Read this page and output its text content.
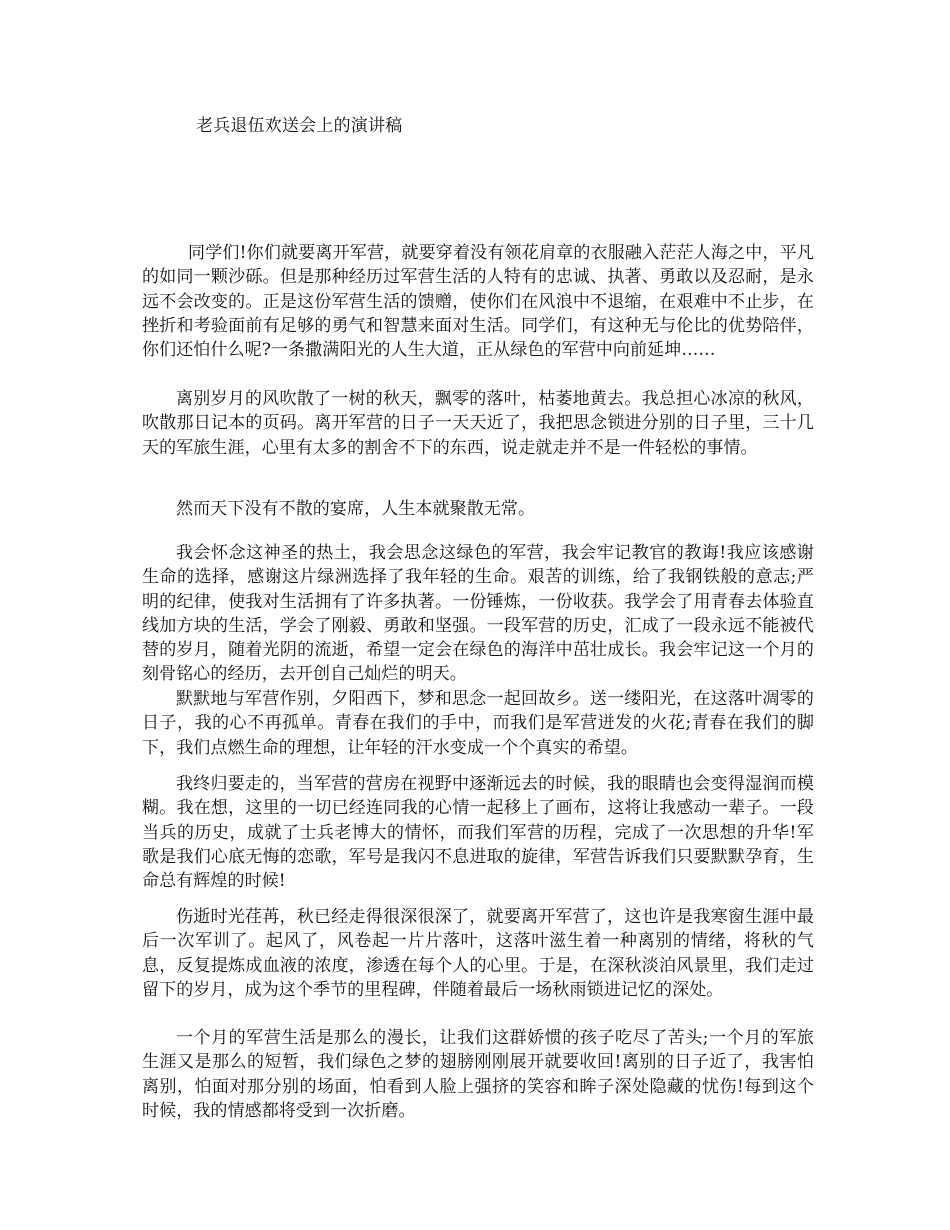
老兵退伍欢送会上的演讲稿

同学们!你们就要离开军营，就要穿着没有领花肩章的衣服融入茫茫人海之中，平凡的如同一颗沙砾。但是那种经历过军营生活的人特有的忠诚、执著、勇敢以及忍耐，是永远不会改变的。正是这份军营生活的馈赠，使你们在风浪中不退缩，在艰难中不止步，在挫折和考验面前有足够的勇气和智慧来面对生活。同学们，有这种无与伦比的优势陪伴，你们还怕什么呢?一条撒满阳光的人生大道，正从绿色的军营中向前延坤……

离别岁月的风吹散了一树的秋天，飘零的落叶，枯萎地黄去。我总担心冰凉的秋风，吹散那日记本的页码。离开军营的日子一天天近了，我把思念锁进分别的日子里，三十几天的军旅生涯，心里有太多的割舍不下的东西，说走就走并不是一件轻松的事情。

然而天下没有不散的宴席，人生本就聚散无常。

我会怀念这神圣的热土，我会思念这绿色的军营，我会牢记教官的教诲!我应该感谢生命的选择，感谢这片绿洲选择了我年轻的生命。艰苦的训练，给了我钢铁般的意志;严明的纪律，使我对生活拥有了许多执著。一份锤炼，一份收获。我学会了用青春去体验直线加方块的生活，学会了刚毅、勇敢和坚强。一段军营的历史，汇成了一段永远不能被代替的岁月，随着光阴的流逝，希望一定会在绿色的海洋中茁壮成长。我会牢记这一个月的刻骨铭心的经历，去开创自己灿烂的明天。

默默地与军营作别，夕阳西下，梦和思念一起回故乡。送一缕阳光，在这落叶凋零的日子，我的心不再孤单。青春在我们的手中，而我们是军营迸发的火花;青春在我们的脚下，我们点燃生命的理想，让年轻的汗水变成一个个真实的希望。

我终归要走的，当军营的营房在视野中逐渐远去的时候，我的眼睛也会变得湿润而模糊。我在想，这里的一切已经连同我的心情一起移上了画布，这将让我感动一辈子。一段当兵的历史，成就了士兵老博大的情怀，而我们军营的历程，完成了一次思想的升华!军歌是我们心底无悔的恋歌，军号是我闪不息进取的旋律，军营告诉我们只要默默孕育，生命总有辉煌的时候!

伤逝时光荏苒，秋已经走得很深很深了，就要离开军营了，这也许是我寒窗生涯中最后一次军训了。起风了，风卷起一片片落叶，这落叶滋生着一种离别的情绪，将秋的气息，反复提炼成血液的浓度，渗透在每个人的心里。于是，在深秋淡泊风景里，我们走过留下的岁月，成为这个季节的里程碑，伴随着最后一场秋雨锁进记忆的深处。

一个月的军营生活是那么的漫长，让我们这群娇惯的孩子吃尽了苦头;一个月的军旅生涯又是那么的短暂，我们绿色之梦的翅膀刚刚展开就要收回!离别的日子近了，我害怕离别，怕面对那分别的场面，怕看到人脸上强挤的笑容和眸子深处隐藏的忧伤!每到这个时候，我的情感都将受到一次折磨。
